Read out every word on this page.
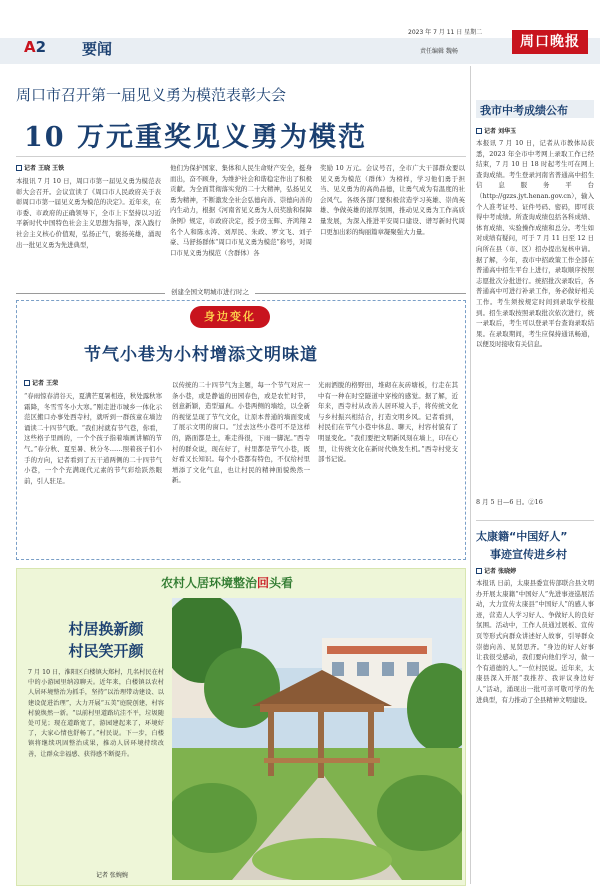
A2 要闻
2023 年 7 月 11 日 星期二
责任编辑 魏畅
周口晚报
周口市召开第一届见义勇为模范表彰大会
10 万元重奖见义勇为模范
记者 王晓 王铁
本报讯 7 月 10 日，周口市第一届见义勇为模范表彰大会召开。会议宣读了《周口市人民政府关于表彰周口市第一届见义勇为模范的决定》。近年来，在市委、市政府的正确领导下，全市上下坚持以习近平新时代中国特色社会主义思想为指导，深入践行社会主义核心价值观，弘扬正气，褒扬英雄，涌现出一批见义勇为先进典型，
他们为保护国家、集体和人民生命财产安全，挺身而出，奋不顾身，为维护社会和谐稳定作出了积极贡献。为全面贯彻落实党的二十大精神，弘扬见义勇为精神，不断激发全社会弘德向善、崇德向善的内生动力，根据《河南省见义勇为人员奖励和保障条例》规定，市政府决定，授予房玉辉、齐鸿翔 2 名个人和陈永涛、刘厚民、朱政、罗文飞、刘子豪、马舒扬群体“周口市见义勇为模范”称号，对周口市见义勇为模范（含群体）各
奖励 10 万元。会议号召，全市广大干部群众要以见义勇为模范（群体）为榜样，学习他们勇于担当、见义勇为的高尚品德，让勇气成为有温度的社会风气。各级各部门要积极营造学习英雄、崇尚英雄、争做英雄的浓厚氛围，推动见义勇为工作高质量发展，为深入推进平安周口建设、谱写新时代周口更加出彩的绚丽篇章凝聚强大力量。
创建全国文明城市进行时之
身边变化
节气小巷为小村增添文明味道
记者 王荣
“春雨惊春清谷天，夏满芒夏暑相连，秋处露秋寒霜降，冬雪雪冬小大寒。”刚走进市城乡一体化示范区搬口办事处西寺村，就听到一群孩童在墙边诵读二十四节气歌。“我们村就有节气巷，你看，这些格子里画的，一个个孩子指着墙画讲解的节气。”春分秋、夏至暑、秋分冬……照着孩子们小手的方向，记者看到了五干道两侧的二十四节气小巷，一个个充满现代元素的节气彩绘跃然眼前，引人驻足。
以传统的二十四节气为主题，每一个节气对应一条小巷，或是静谧的田园春色，或是农忙时节，创意新颖，造型逼真。小巷两侧的墙绘，以全新的视觉呈现了节气文化，让原本普通的墙面变成了展示文明的窗口。“过去这些小巷可不是这样的，路面都是土，难走得很，下雨一脚泥。”西寺村的群众说，现在好了，村里都是节气小巷，既好看又长知识。每个小巷都有特色，不仅给村里增添了文化气息，也让村民的精神面貌焕然一新。
光雨洒脱的格野田，堆砌在灰砖塘板，行走在其中有一种在时空隧道中穿梭的感觉。据了解，近年来，西寺村从改善人居环境入手，将传统文化与乡村振兴相结合，打造文明乡风。记者看到，村民们在节气小巷中休息、聊天，村容村貌有了明显变化。“我们要把文明新风刻在墙上，印在心里，让传统文化在新时代焕发生机。”西寺村党支部书记说。
农村人居环境整治回头看
村居换新颜
村民笑开颜
7 月 10 日，淮阳区白楼镇大郑村，几名村民在村中的小游园里纳凉聊天。近年来，白楼镇以农村人居环境整治为抓手，坚持“以治理带动建设、以建设促进治理”，大力开展“五美”庭院创建，村容村貌焕然一新。“以前村里道路坑洼不平，垃圾随处可见；现在道路宽了，游园建起来了，环境好了，大家心情也舒畅了。”村民说。下一步，白楼镇将继续巩固整治成果，推动人居环境持续改善，让群众幸福感、获得感不断提升。
记者 张婉婉
我市中考成绩公布
记者 刘华玉
本报讯 7 月 10 日，记者从市教体局获悉，2023 年全市中考网上录取工作已经结束，7 月 10 日 18 时起考生可在网上查询成绩。考生登录河南省普通高中招生信息服务平台（http://gzzs.jyt.henan.gov.cn），输入个人准考证号、证件号码、密码，即可获得中考成绩。所查询成绩包括各科成绩、体育成绩、实验操作成绩和总分。考生如对成绩有疑问，可于 7 月 11 日至 12 日向所在县（市、区）招办提出复核申请。据了解，今年，我市中招政策工作全部在普通高中招生平台上进行，录取顺序按照志愿批次分批进行。统招批次录取后，各普通高中可进行补录工作，务必做好相关工作。考生须按规定时间到录取学校报到。招生录取按照录取批次依次进行，统一录取后，考生可以登录平台查询录取结果。在录取期间，考生应保持通讯畅通，以便及时接收有关信息。
8 月 5 日—6 日。②16
太康籍“中国好人”
事迹宣传进乡村
记者 张晓婷
本报讯 日前，太康县委宣传部联合县文明办开展太康籍“中国好人”先进事迹巡展活动，大力宣传太康县“中国好人”的感人事迹，营造人人学习好人、争做好人的良好氛围。活动中，工作人员通过展板、宣传页等形式向群众讲述好人故事，引导群众崇德向善、见贤思齐。“身边的好人好事让我很受感动，我们要向他们学习，做一个有道德的人。”一位村民说。近年来，太康县深入开展“我推荐、我评议身边好人”活动，涌现出一批可亲可敬可学的先进典型，有力推动了全县精神文明建设。
